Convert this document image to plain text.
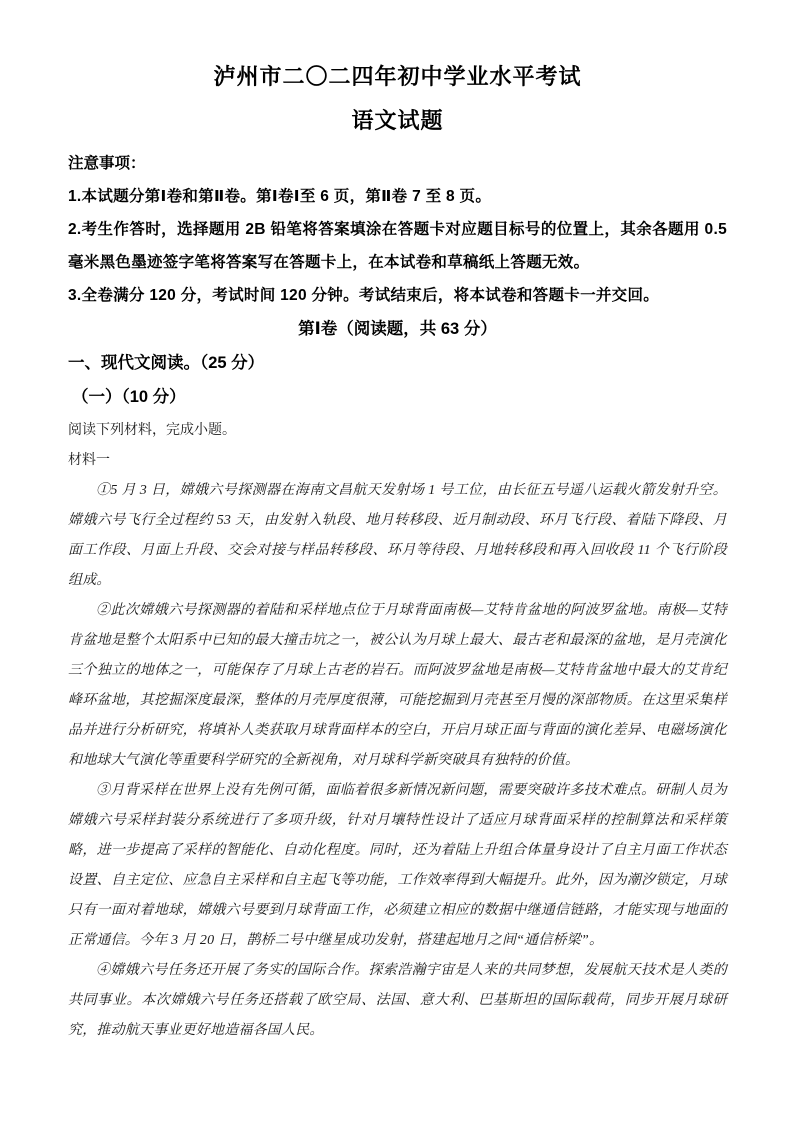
泸州市二〇二四年初中学业水平考试
语文试题

注意事项：

1.本试题分第Ⅰ卷和第Ⅱ卷。第Ⅰ卷Ⅰ至 6 页，第Ⅱ卷 7 至 8 页。

2.考生作答时，选择题用 2B 铅笔将答案填涂在答题卡对应题目标号的位置上，其余各题用 0.5 毫米黑色墨迹签字笔将答案写在答题卡上，在本试卷和草稿纸上答题无效。

3.全卷满分 120 分，考试时间 120 分钟。考试结束后，将本试卷和答题卡一并交回。

第Ⅰ卷（阅读题，共 63 分）

一、现代文阅读。（25 分）

（一）（10 分）

阅读下列材料，完成小题。

材料一

①5 月 3 日，嫦娥六号探测器在海南文昌航天发射场 1 号工位，由长征五号遥八运载火箭发射升空。嫦娥六号飞行全过程约 53 天，由发射入轨段、地月转移段、近月制动段、环月飞行段、着陆下降段、月面工作段、月面上升段、交会对接与样品转移段、环月等待段、月地转移段和再入回收段 11 个飞行阶段组成。

②此次嫦娥六号探测器的着陆和采样地点位于月球背面南极—艾特肯盆地的阿波罗盆地。南极—艾特肯盆地是整个太阳系中已知的最大撞击坑之一，被公认为月球上最大、最古老和最深的盆地，是月壳演化三个独立的地体之一，可能保存了月球上古老的岩石。而阿波罗盆地是南极—艾特肯盆地中最大的艾肯纪峰环盆地，其挖掘深度最深，整体的月壳厚度很薄，可能挖掘到月壳甚至月慢的深部物质。在这里采集样品并进行分析研究，将填补人类获取月球背面样本的空白，开启月球正面与背面的演化差异、电磁场演化和地球大气演化等重要科学研究的全新视角，对月球科学新突破具有独特的价值。

③月背采样在世界上没有先例可循，面临着很多新情况新问题，需要突破许多技术难点。研制人员为嫦娥六号采样封装分系统进行了多项升级，针对月壤特性设计了适应月球背面采样的控制算法和采样策略，进一步提高了采样的智能化、自动化程度。同时，还为着陆上升组合体量身设计了自主月面工作状态设置、自主定位、应急自主采样和自主起飞等功能，工作效率得到大幅提升。此外，因为潮汐锁定，月球只有一面对着地球，嫦娥六号要到月球背面工作，必须建立相应的数据中继通信链路，才能实现与地面的正常通信。今年 3 月 20 日，鹊桥二号中继星成功发射，搭建起地月之间“通信桥梁”。

④嫦娥六号任务还开展了务实的国际合作。探索浩瀚宇宙是人来的共同梦想，发展航天技术是人类的共同事业。本次嫦娥六号任务还搭载了欧空局、法国、意大利、巴基斯坦的国际载荷，同步开展月球研究，推动航天事业更好地造福各国人民。
